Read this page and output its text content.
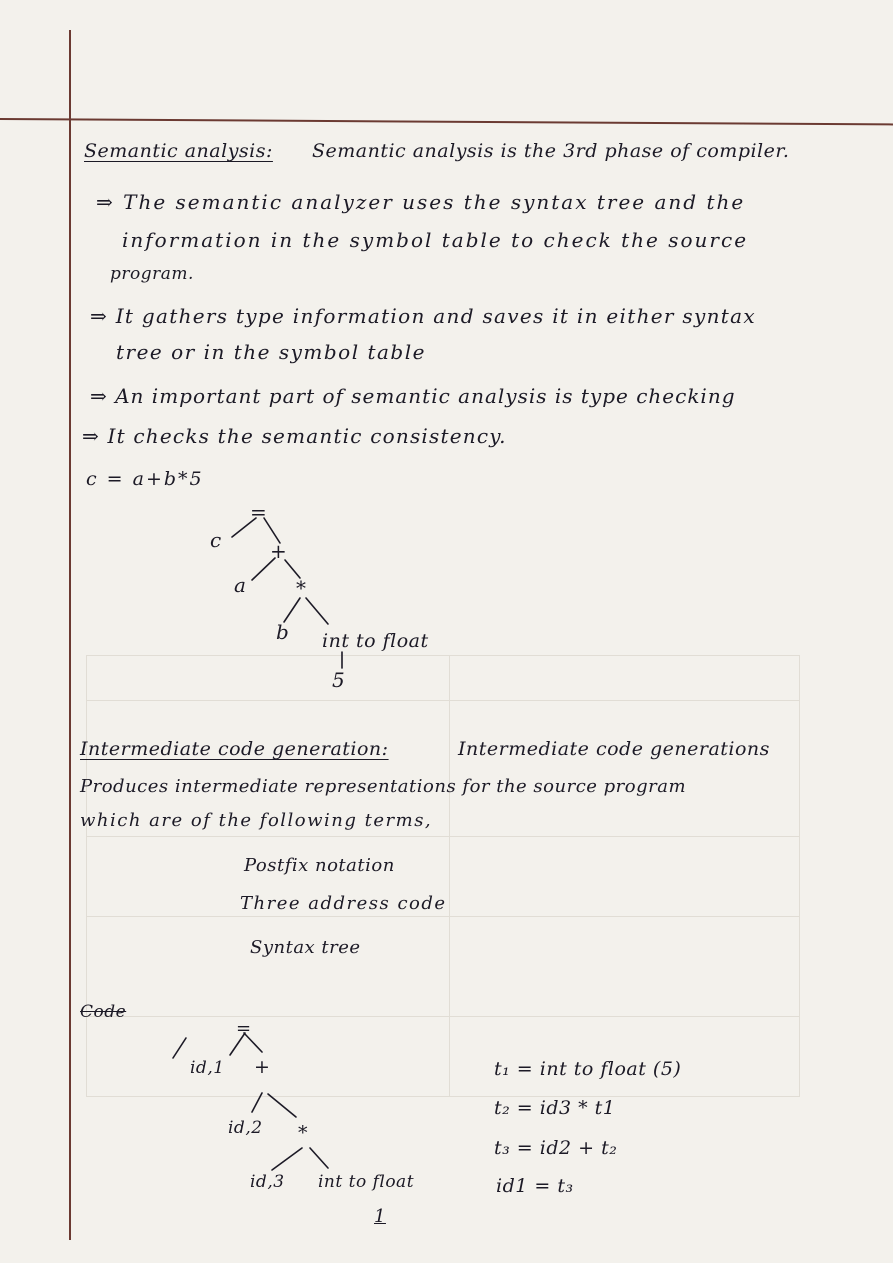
Semantic analysis: Semantic analysis is the 3rd phase of compiler.
⇒ The semantic analyzer uses the syntax tree and the
information in the symbol table to check the source
program.
⇒ It gathers type information and saves it in either syntax
tree or in the symbol table
⇒ An important part of semantic analysis is type checking
⇒ It checks the semantic consistency.
c = a+b*5
=
c +
a *
b int to float
5
Intermediate code generation:	Intermediate code generations
Produces intermediate representations for the source program
which are of the following terms,
Postfix notation
Three address code
Syntax tree
Code
=
id,1 +
id,2 *
id,3 int to float
1
t₁ = int to float (5)
t₂ = id3 * t1
t₃ = id2 + t₂
id1 = t₃
